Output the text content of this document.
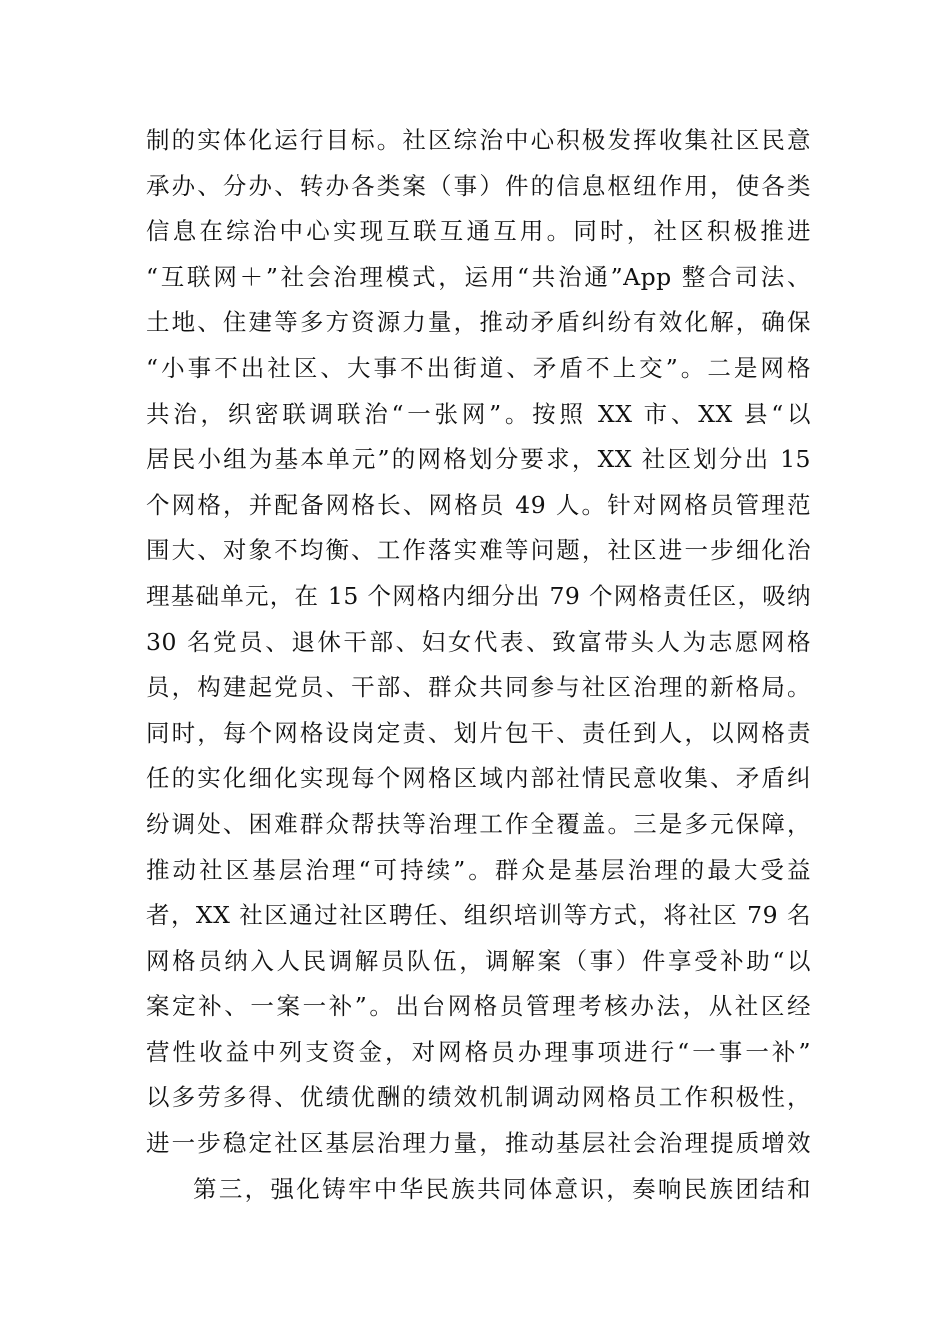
制的实体化运行目标。社区综治中心积极发挥收集社区民意
承办、分办、转办各类案（事）件的信息枢纽作用，使各类
信息在综治中心实现互联互通互用。同时，社区积极推进
“互联网＋”社会治理模式，运用“共治通”App 整合司法、
土地、住建等多方资源力量，推动矛盾纠纷有效化解，确保
“小事不出社区、大事不出街道、矛盾不上交”。二是网格
共治，织密联调联治“一张网”。按照 XX 市、XX 县“以
居民小组为基本单元”的网格划分要求，XX 社区划分出 15
个网格，并配备网格长、网格员 49 人。针对网格员管理范
围大、对象不均衡、工作落实难等问题，社区进一步细化治
理基础单元，在 15 个网格内细分出 79 个网格责任区，吸纳
30 名党员、退休干部、妇女代表、致富带头人为志愿网格
员，构建起党员、干部、群众共同参与社区治理的新格局。
同时，每个网格设岗定责、划片包干、责任到人，以网格责
任的实化细化实现每个网格区域内部社情民意收集、矛盾纠
纷调处、困难群众帮扶等治理工作全覆盖。三是多元保障，
推动社区基层治理“可持续”。群众是基层治理的最大受益
者，XX 社区通过社区聘任、组织培训等方式，将社区 79 名
网格员纳入人民调解员队伍，调解案（事）件享受补助“以
案定补、一案一补”。出台网格员管理考核办法，从社区经
营性收益中列支资金，对网格员办理事项进行“一事一补”
以多劳多得、优绩优酬的绩效机制调动网格员工作积极性，
进一步稳定社区基层治理力量，推动基层社会治理提质增效
第三，强化铸牢中华民族共同体意识，奏响民族团结和
